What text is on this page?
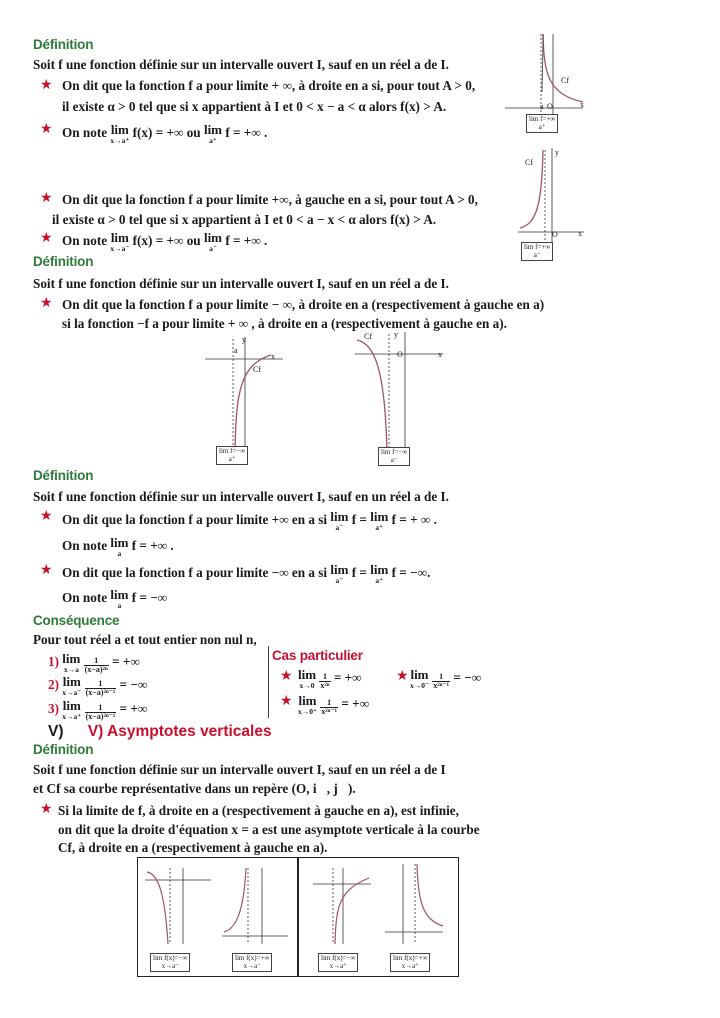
Définition
Soit f une fonction définie sur un intervalle ouvert I, sauf en un réel a de I.
★ On dit que la fonction f a pour limite + ∞, à droite en a si, pour tout A > 0,
il existe α > 0 tel que si x appartient à I et 0 < x − a < α alors f(x) > A.
★ On note lim
x→a⁺
f(x) = +∞ ou lim
a⁺
f = +∞ .
Cf
O	x
a
lim f=+∞
a⁺
★ On dit que la fonction f a pour limite +∞, à gauche en a si, pour tout A > 0,
il existe α > 0 tel que si x appartient à I et 0 < a − x < α alors f(x) > A.
★ On note lim
x→a⁻
f(x) = +∞ ou lim
a⁻
f = +∞ .
Cf
y
O	x
lim f=+∞
a⁻
Définition
Soit f une fonction définie sur un intervalle ouvert I, sauf en un réel a de I.
★ On dit que la fonction f a pour limite − ∞, à droite en a (respectivement à gauche en a)
si la fonction −f a pour limite + ∞ , à droite en a (respectivement à gauche en a).
Cf
y
x
a
lim f=−∞
a⁺
Cf	y
O	x
lim f=−∞
a⁻
Définition
Soit f une fonction définie sur un intervalle ouvert I, sauf en un réel a de I.
★ On dit que la fonction f a pour limite +∞ en a si lim
a⁻
f = lim
a⁺
f = + ∞ .
On note lim
a
f = +∞ .
★ On dit que la fonction f a pour limite −∞ en a si lim
a⁻
f = lim
a⁺
f = −∞.
On note lim
a
f = −∞
Conséquence
Pour tout réel a et tout entier non nul n,
1) lim
x→a
$\frac{1}{\text{(x−a)²ⁿ}}$ = +∞
2) lim
x→a⁻
$\frac{1}{\text{(x−a)²ⁿ⁻¹}}$ = −∞
3) lim
x→a⁺
$\frac{1}{\text{(x−a)²ⁿ⁻¹}}$ = +∞
Cas particulier
★ lim
x→0
$\frac{1}{\text{x²ⁿ}}$ = +∞ ★ lim
x→0⁻
$\frac{1}{\text{x²ⁿ⁻¹}}$ = −∞
★ lim
x→0⁺
$\frac{1}{\text{x²ⁿ⁻¹}}$ = +∞
V) V) Asymptotes verticales
Définition
Soit f une fonction définie sur un intervalle ouvert I, sauf en un réel a de I
et Cf sa courbe représentative dans un repère (O, i⃗, j⃗).
★ Si la limite de f, à droite en a (respectivement à gauche en a), est infinie,
on dit que la droite d'équation x = a est une asymptote verticale à la courbe
Cf, à droite en a (respectivement à gauche en a).
lim f(x)=−∞
x→a⁻
lim f(x)=+∞
x→a⁻
lim f(x)=−∞
x→a⁺
lim f(x)=+∞
x→a⁺
